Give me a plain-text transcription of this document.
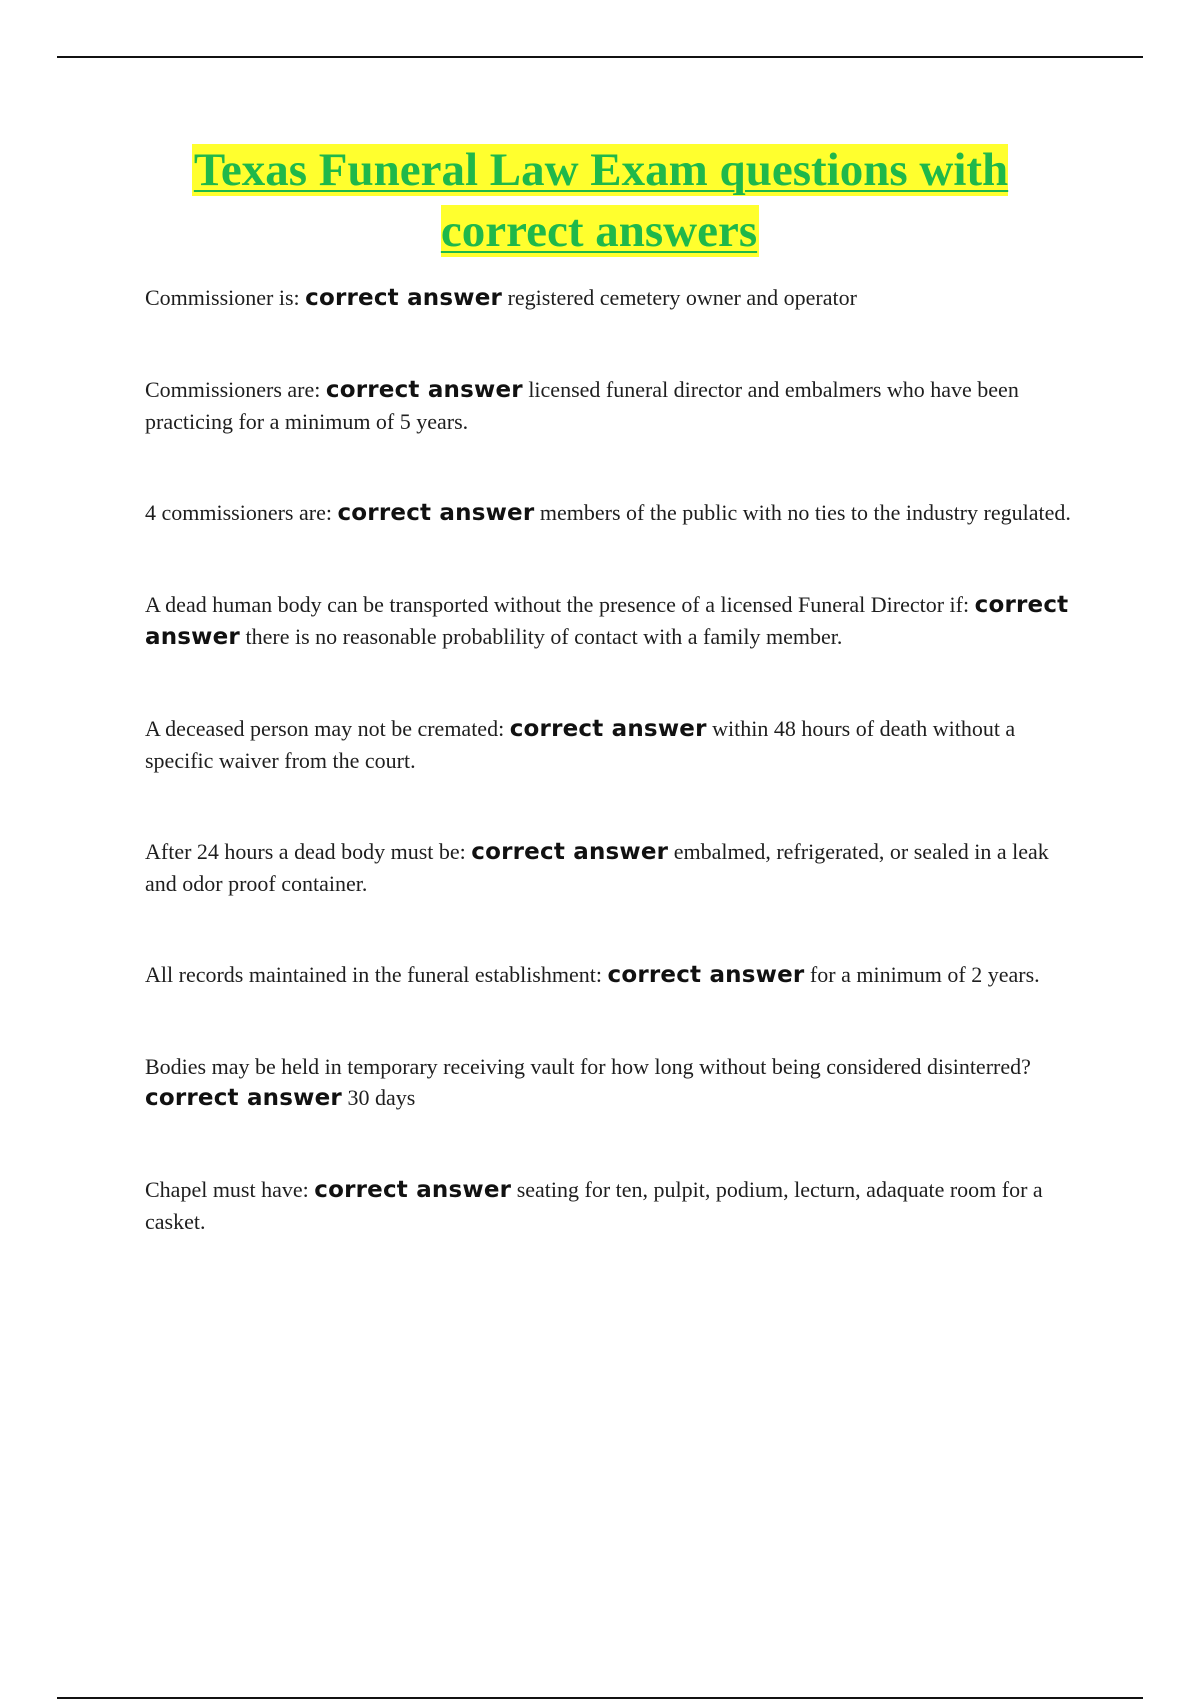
Texas Funeral Law Exam questions with correct answers

Commissioner is: correct answer registered cemetery owner and operator

Commissioners are: correct answer licensed funeral director and embalmers who have been practicing for a minimum of 5 years.

4 commissioners are: correct answer members of the public with no ties to the industry regulated.

A dead human body can be transported without the presence of a licensed Funeral Director if: correct answer there is no reasonable probablility of contact with a family member.

A deceased person may not be cremated: correct answer within 48 hours of death without a specific waiver from the court.

After 24 hours a dead body must be: correct answer embalmed, refrigerated, or sealed in a leak and odor proof container.

All records maintained in the funeral establishment: correct answer for a minimum of 2 years.

Bodies may be held in temporary receiving vault for how long without being considered disinterred? correct answer 30 days

Chapel must have: correct answer seating for ten, pulpit, podium, lecturn, adaquate room for a casket.
